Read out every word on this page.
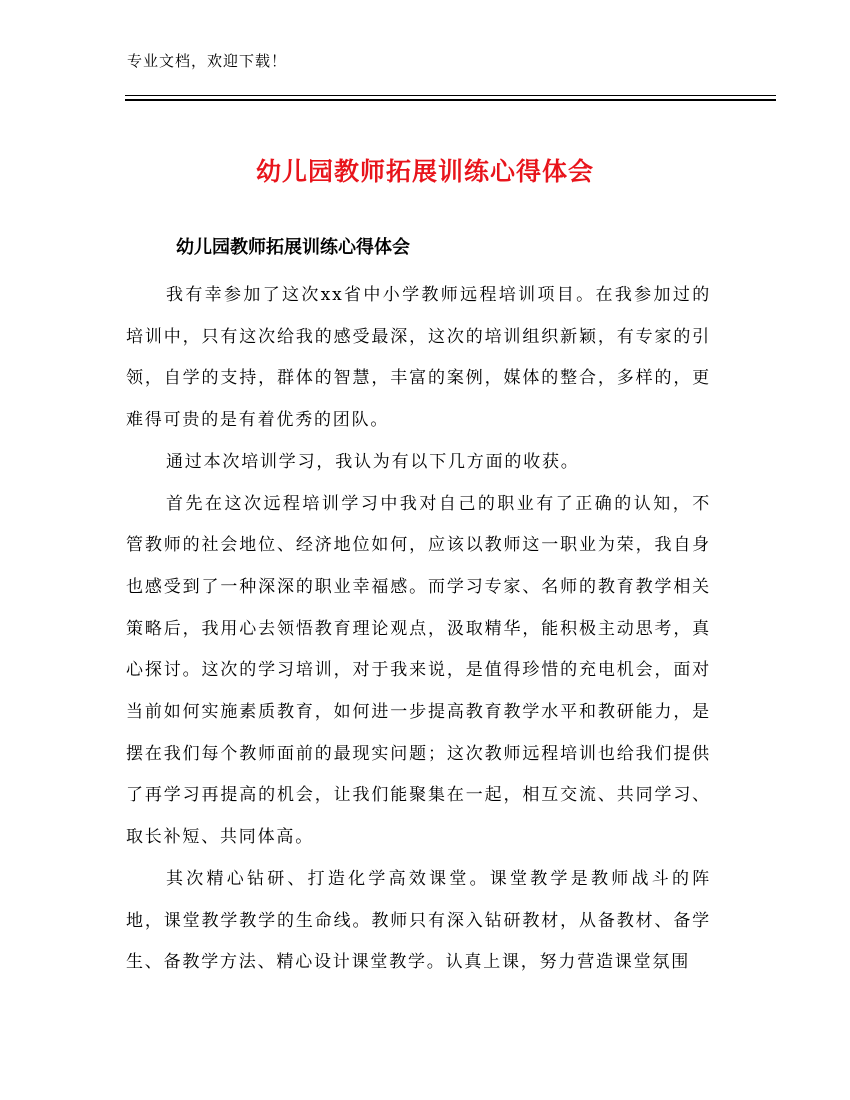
专业文档，欢迎下载！
幼儿园教师拓展训练心得体会
幼儿园教师拓展训练心得体会

我有幸参加了这次xx省中小学教师远程培训项目。在我参加过的培训中，只有这次给我的感受最深，这次的培训组织新颖，有专家的引领，自学的支持，群体的智慧，丰富的案例，媒体的整合，多样的，更难得可贵的是有着优秀的团队。

通过本次培训学习，我认为有以下几方面的收获。

首先在这次远程培训学习中我对自己的职业有了正确的认知，不管教师的社会地位、经济地位如何，应该以教师这一职业为荣，我自身也感受到了一种深深的职业幸福感。而学习专家、名师的教育教学相关策略后，我用心去领悟教育理论观点，汲取精华，能积极主动思考，真心探讨。这次的学习培训，对于我来说，是值得珍惜的充电机会，面对当前如何实施素质教育，如何进一步提高教育教学水平和教研能力，是摆在我们每个教师面前的最现实问题；这次教师远程培训也给我们提供了再学习再提高的机会，让我们能聚集在一起，相互交流、共同学习、取长补短、共同体高。

其次精心钻研、打造化学高效课堂。课堂教学是教师战斗的阵地，课堂教学教学的生命线。教师只有深入钻研教材，从备教材、备学生、备教学方法、精心设计课堂教学。认真上课，努力营造课堂氛围
